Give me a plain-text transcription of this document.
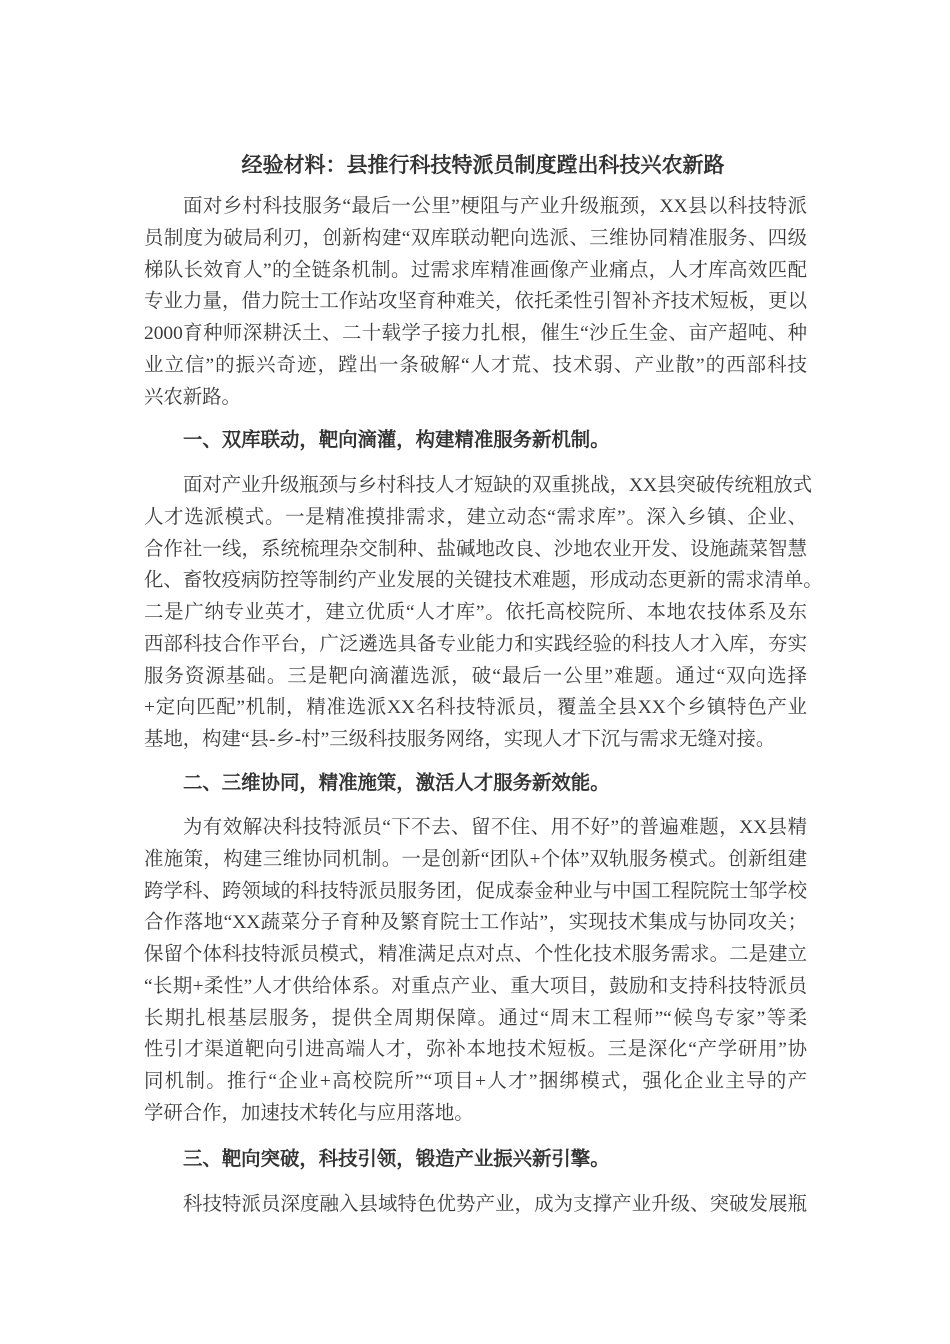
经验材料：县推行科技特派员制度蹚出科技兴农新路
面对乡村科技服务“最后一公里”梗阻与产业升级瓶颈，XX县以科技特派
员制度为破局利刃，创新构建“双库联动靶向选派、三维协同精准服务、四级
梯队长效育人”的全链条机制。过需求库精准画像产业痛点，人才库高效匹配
专业力量，借力院士工作站攻坚育种难关，依托柔性引智补齐技术短板，更以
2000育种师深耕沃土、二十载学子接力扎根，催生“沙丘生金、亩产超吨、种
业立信”的振兴奇迹，蹚出一条破解“人才荒、技术弱、产业散”的西部科技
兴农新路。
一、双库联动，靶向滴灌，构建精准服务新机制。
面对产业升级瓶颈与乡村科技人才短缺的双重挑战，XX县突破传统粗放式
人才选派模式。一是精准摸排需求，建立动态“需求库”。深入乡镇、企业、
合作社一线，系统梳理杂交制种、盐碱地改良、沙地农业开发、设施蔬菜智慧
化、畜牧疫病防控等制约产业发展的关键技术难题，形成动态更新的需求清单。
二是广纳专业英才，建立优质“人才库”。依托高校院所、本地农技体系及东
西部科技合作平台，广泛遴选具备专业能力和实践经验的科技人才入库，夯实
服务资源基础。三是靶向滴灌选派，破“最后一公里”难题。通过“双向选择
+定向匹配”机制，精准选派XX名科技特派员，覆盖全县XX个乡镇特色产业
基地，构建“县-乡-村”三级科技服务网络，实现人才下沉与需求无缝对接。
二、三维协同，精准施策，激活人才服务新效能。
为有效解决科技特派员“下不去、留不住、用不好”的普遍难题，XX县精
准施策，构建三维协同机制。一是创新“团队+个体”双轨服务模式。创新组建
跨学科、跨领域的科技特派员服务团，促成泰金种业与中国工程院院士邹学校
合作落地“XX蔬菜分子育种及繁育院士工作站”，实现技术集成与协同攻关；
保留个体科技特派员模式，精准满足点对点、个性化技术服务需求。二是建立
“长期+柔性”人才供给体系。对重点产业、重大项目，鼓励和支持科技特派员
长期扎根基层服务，提供全周期保障。通过“周末工程师”“候鸟专家”等柔
性引才渠道靶向引进高端人才，弥补本地技术短板。三是深化“产学研用”协
同机制。推行“企业+高校院所”“项目+人才”捆绑模式，强化企业主导的产
学研合作，加速技术转化与应用落地。
三、靶向突破，科技引领，锻造产业振兴新引擎。
科技特派员深度融入县域特色优势产业，成为支撑产业升级、突破发展瓶
